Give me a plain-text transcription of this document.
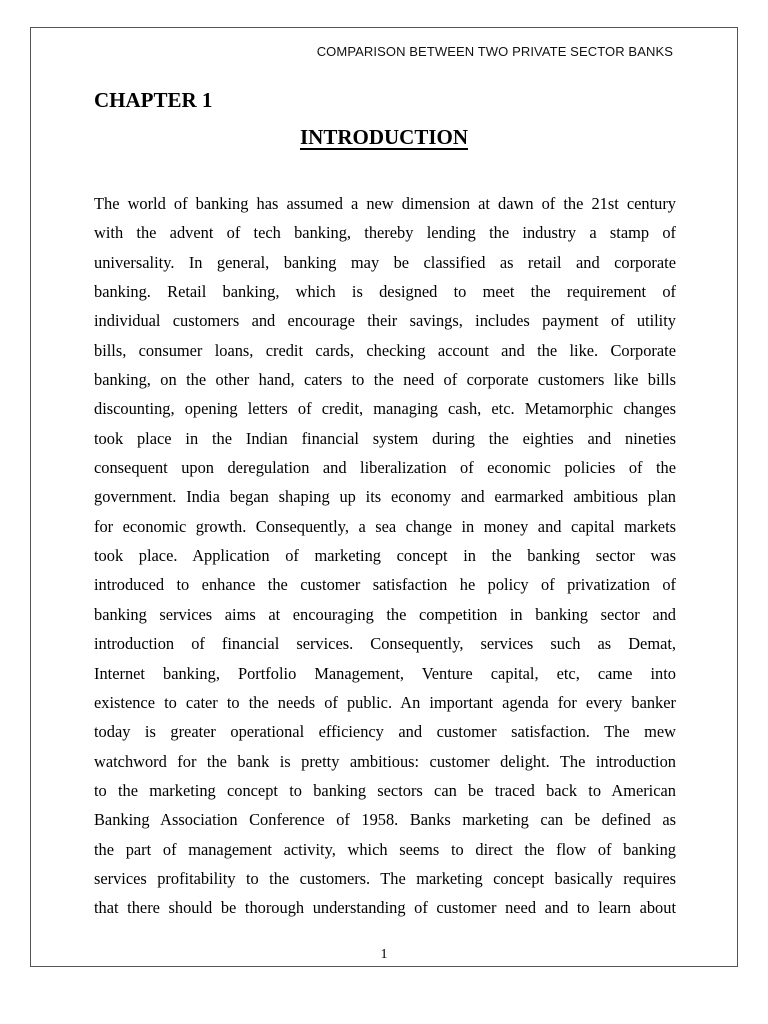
COMPARISON BETWEEN TWO PRIVATE SECTOR BANKS
CHAPTER 1
INTRODUCTION

The world of banking has assumed a new dimension at dawn of the 21st century
with the advent of tech banking, thereby lending the industry a stamp of
universality. In general, banking may be classified as retail and corporate
banking. Retail banking, which is designed to meet the requirement of
individual customers and encourage their savings, includes payment of utility
bills, consumer loans, credit cards, checking account and the like. Corporate
banking, on the other hand, caters to the need of corporate customers like bills
discounting, opening letters of credit, managing cash, etc. Metamorphic changes
took place in the Indian financial system during the eighties and nineties
consequent upon deregulation and liberalization of economic policies of the
government. India began shaping up its economy and earmarked ambitious plan
for economic growth. Consequently, a sea change in money and capital markets
took place. Application of marketing concept in the banking sector was
introduced to enhance the customer satisfaction he policy of privatization of
banking services aims at encouraging the competition in banking sector and
introduction of financial services. Consequently, services such as Demat,
Internet banking, Portfolio Management, Venture capital, etc, came into
existence to cater to the needs of public. An important agenda for every banker
today is greater operational efficiency and customer satisfaction. The mew
watchword for the bank is pretty ambitious: customer delight. The introduction
to the marketing concept to banking sectors can be traced back to American
Banking Association Conference of 1958. Banks marketing can be defined as
the part of management activity, which seems to direct the flow of banking
services profitability to the customers. The marketing concept basically requires
that there should be thorough understanding of customer need and to learn about

1
